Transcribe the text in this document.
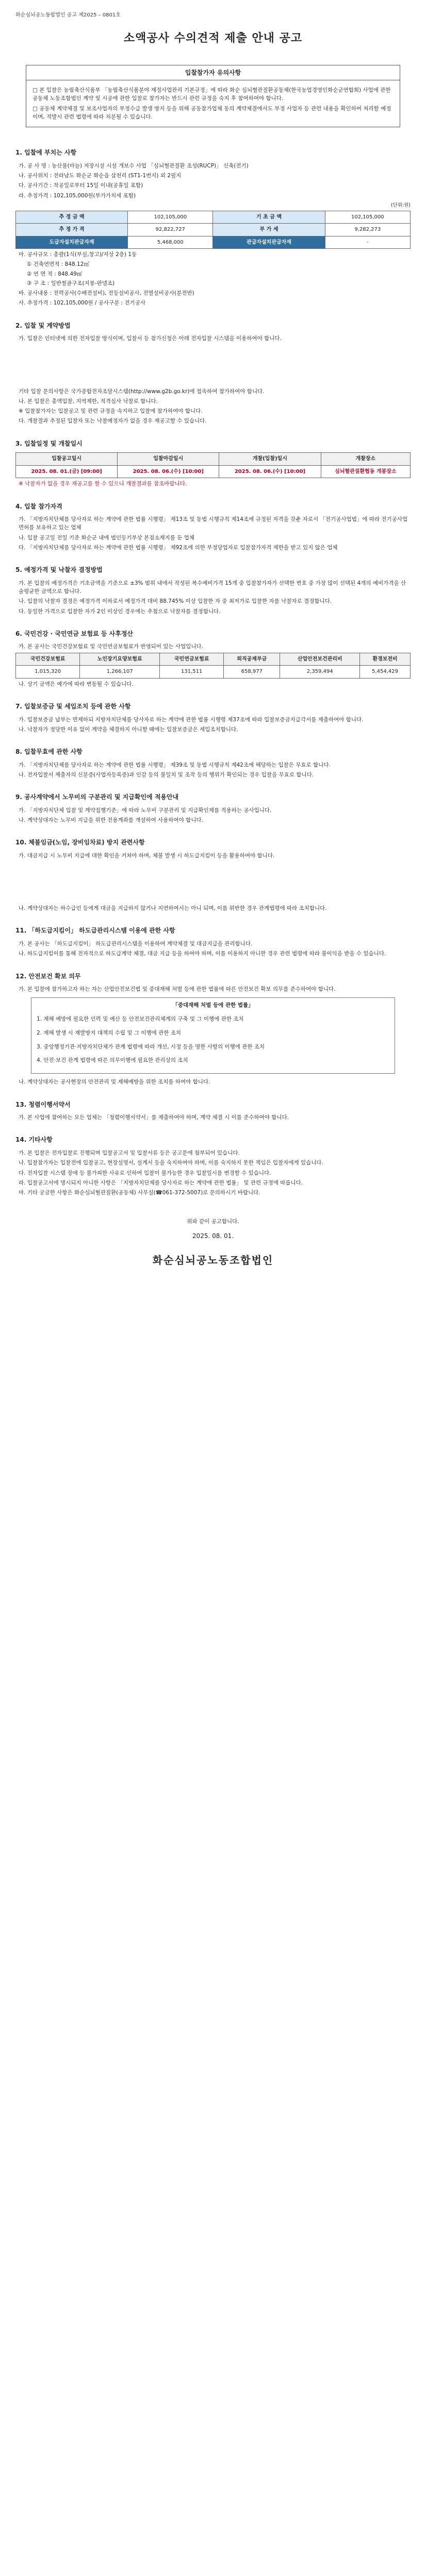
화순심뇌공노동합법인 공고 제2025 – 0801호
소액공사 수의견적 제출 안내 공고
입찰참가자 유의사항

□ 본 입찰은 농림축산식품부 「농림축산식품분야 재정사업관리 기본규정」에 따라 화순 심뇌혈관질환공동체(한국농업경영인화순군연합회) 사업에 관한 공동체 노동조합법인 계약 및 시공에 관한 입찰로 참가자는 반드시 관련 규정을 숙지 후 참여하여야 합니다.

□ 공동체 계약체결 및 보조사업자의 부정수급 발생 방지 등을 위해 공동참가업체 동의 계약체결에서도 부정 사업자 등 관련 내용을 확인하여 처리할 예정이며, 적발시 관련 법령에 따라 처분될 수 있습니다.

1. 입찰에 부치는 사항

가. 공 사 명 : 농산물(마늘) 저장시설 시설 개보수 사업 「심뇌혈관질환 조성(RUCP)」 신축(전기)

나. 공사위치 : 전라남도 화순군 화순읍 삼천리 (ST1-1번지) 외 2필지

다. 공사기간 : 착공일로부터 15일 이내(공휴일 포함)

라. 추정가격 : 102,105,000원(부가가치세 포함)

(단위:원)
추 정 금 액	102,105,000	기 초 금 액	102,105,000
추 정 가 격	92,822,727	부 가 세	9,282,273
도급자설치관급자재	5,468,000	관급자설치관급자재	-

마. 공사규모 : 총괄(1식(부실,창고)/지상 2층) 1동

① 건축연면적 : 848.12㎡

② 연 면 적 : 848.49㎡

③ 구 조 : 일반철골구조(지붕-판넬조)

바. 공사내용 : 전력공사(수배전설비), 전등설비공사, 전열설비공사(분전반)

사. 추정가격 : 102,105,000원 / 공사구분 : 전기공사

2. 입찰 및 계약방법

가. 입찰은 인터넷에 의한 전자입찰 방식이며, 입찰서 등 참가신청은 아래 전자입찰 시스템을 이용하여야 합니다.

기타 입찰 문의사항은 국가종합전자조달시스템(http://www.g2b.go.kr)에 접속하여 참가하여야 합니다.

나. 본 입찰은 총액입찰, 지역제한, 적격심사 낙찰로 합니다.

※ 입찰참가자는 입찰공고 및 관련 규정을 숙지하고 입찰에 참가하여야 합니다.

다. 개찰결과 추정된 입찰자 또는 낙찰예정자가 없을 경우 재공고할 수 있습니다.

3. 입찰일정 및 개찰일시
입찰공고일시	입찰마감일시	개찰(입찰)일시	개찰장소
2025. 08. 01.(금) [09:00]	2025. 08. 06.(수) [10:00]	2025. 08. 06.(수) [10:00]	심뇌혈관질환협동 개봉장소

※ 낙찰자가 없을 경우 재공고를 할 수 있으니 개찰결과를 참조바랍니다.

4. 입찰 참가자격

가. 「지방자치단체를 당사자로 하는 계약에 관한 법률 시행령」 제13조 및 동법 시행규칙 제14조에 규정된 자격을 갖춘 자로서 「전기공사업법」에 따라 전기공사업 면허를 보유하고 있는 업체

나. 입찰 공고일 전일 기준 화순군 내에 법인등기부상 본점소재지를 둔 업체

다. 「지방자치단체를 당사자로 하는 계약에 관한 법률 시행령」 제92조에 의한 부정당업자로 입찰참가자격 제한을 받고 있지 않은 업체

5. 예정가격 및 낙찰자 결정방법

가. 본 입찰의 예정가격은 기초금액을 기준으로 ±3% 범위 내에서 작성된 복수예비가격 15개 중 입찰참가자가 선택한 번호 중 가장 많이 선택된 4개의 예비가격을 산술평균한 금액으로 합니다.

나. 입찰의 낙찰자 결정은 예정가격 이하로서 예정가격 대비 88.745% 이상 입찰한 자 중 최저가로 입찰한 자를 낙찰자로 결정합니다.

다. 동일한 가격으로 입찰한 자가 2인 이상인 경우에는 추첨으로 낙찰자를 결정합니다.

6. 국민건강 · 국민연금 보험료 등 사후정산

가. 본 공사는 국민건강보험료 및 국민연금보험료가 반영되어 있는 사업입니다.

국민건강보험료	노인장기요양보험료	국민연금보험료	퇴직공제부금	산업안전보건관리비	환경보전비
1,015,320	1,266,107	131,511	658,977	2,359,494	5,454,429

나. 상기 금액은 예가에 따라 변동될 수 있습니다.

7. 입찰보증금 및 세입조치 등에 관한 사항

가. 입찰보증금 납부는 면제하되 지방자치단체를 당사자로 하는 계약에 관한 법률 시행령 제37조에 따라 입찰보증금지급각서를 제출하여야 합니다.

나. 낙찰자가 정당한 이유 없이 계약을 체결하지 아니할 때에는 입찰보증금은 세입조치합니다.

8. 입찰무효에 관한 사항

가. 「지방자치단체를 당사자로 하는 계약에 관한 법률 시행령」 제39조 및 동법 시행규칙 제42조에 해당하는 입찰은 무효로 합니다.

나. 전자입찰서 제출자의 신분증(사업자등록증)과 인감 등의 불일치 및 조작 등의 행위가 확인되는 경우 입찰을 무효로 합니다.

9. 공사계약에서 노무비의 구분관리 및 지급확인에 적용안내

가. 「지방자치단체 입찰 및 계약집행기준」에 따라 노무비 구분관리 및 지급확인제를 적용하는 공사입니다.

나. 계약상대자는 노무비 지급을 위한 전용계좌를 개설하여 사용하여야 합니다.

10. 체불임금(노임, 장비임차료) 방지 관련사항

가. 대금지급 시 노무비 지급에 대한 확인을 거쳐야 하며, 체불 발생 시 하도급지킴이 등을 활용하여야 합니다.

나. 계약상대자는 하수급인 등에게 대금을 지급하지 않거나 지연하여서는 아니 되며, 이를 위반한 경우 관계법령에 따라 조치합니다.

11. 「하도급지킴이」 하도급관리시스템 이용에 관한 사항

가. 본 공사는 「하도급지킴이」 하도급관리시스템을 이용하여 계약체결 및 대금지급을 관리합니다.

나. 하도급지킴이를 통해 전자적으로 하도급계약 체결, 대금 지급 등을 하여야 하며, 이를 이용하지 아니한 경우 관련 법령에 따라 불이익을 받을 수 있습니다.

12. 안전보건 확보 의무

가. 본 입찰에 참가하고자 하는 자는 산업안전보건법 및 중대재해 처벌 등에 관한 법률에 따른 안전보건 확보 의무를 준수하여야 합니다.

「중대재해 처벌 등에 관한 법률」

1. 재해 예방에 필요한 인력 및 예산 등 안전보건관리체계의 구축 및 그 이행에 관한 조치

2. 재해 발생 시 재발방지 대책의 수립 및 그 이행에 관한 조치

3. 중앙행정기관·지방자치단체가 관계 법령에 따라 개선, 시정 등을 명한 사항의 이행에 관한 조치

4. 안전·보건 관계 법령에 따른 의무이행에 필요한 관리상의 조치

나. 계약상대자는 공사현장의 안전관리 및 재해예방을 위한 조치를 하여야 합니다.

13. 청렴이행서약서

가. 본 사업에 참여하는 모든 업체는 「청렴이행서약서」를 제출하여야 하며, 계약 체결 시 이를 준수하여야 합니다.

14. 기타사항

가. 본 입찰은 전자입찰로 진행되며 입찰공고서 및 입찰서류 등은 공고문에 첨부되어 있습니다.

나. 입찰참가자는 입찰전에 입찰공고, 현장설명서, 설계서 등을 숙지하여야 하며, 이를 숙지하지 못한 책임은 입찰자에게 있습니다.

다. 전자입찰 시스템 장애 등 불가피한 사유로 인하여 입찰이 불가능한 경우 입찰일시를 변경할 수 있습니다.

라. 입찰공고서에 명시되지 아니한 사항은 「지방자치단체를 당사자로 하는 계약에 관한 법률」 및 관련 규정에 따릅니다.

마. 기타 궁금한 사항은 화순심뇌혈관질환(공동체) 사무실(☎061-372-5007)로 문의하시기 바랍니다.

위와 같이 공고합니다.

2025. 08. 01.
화순심뇌공노동조합법인
